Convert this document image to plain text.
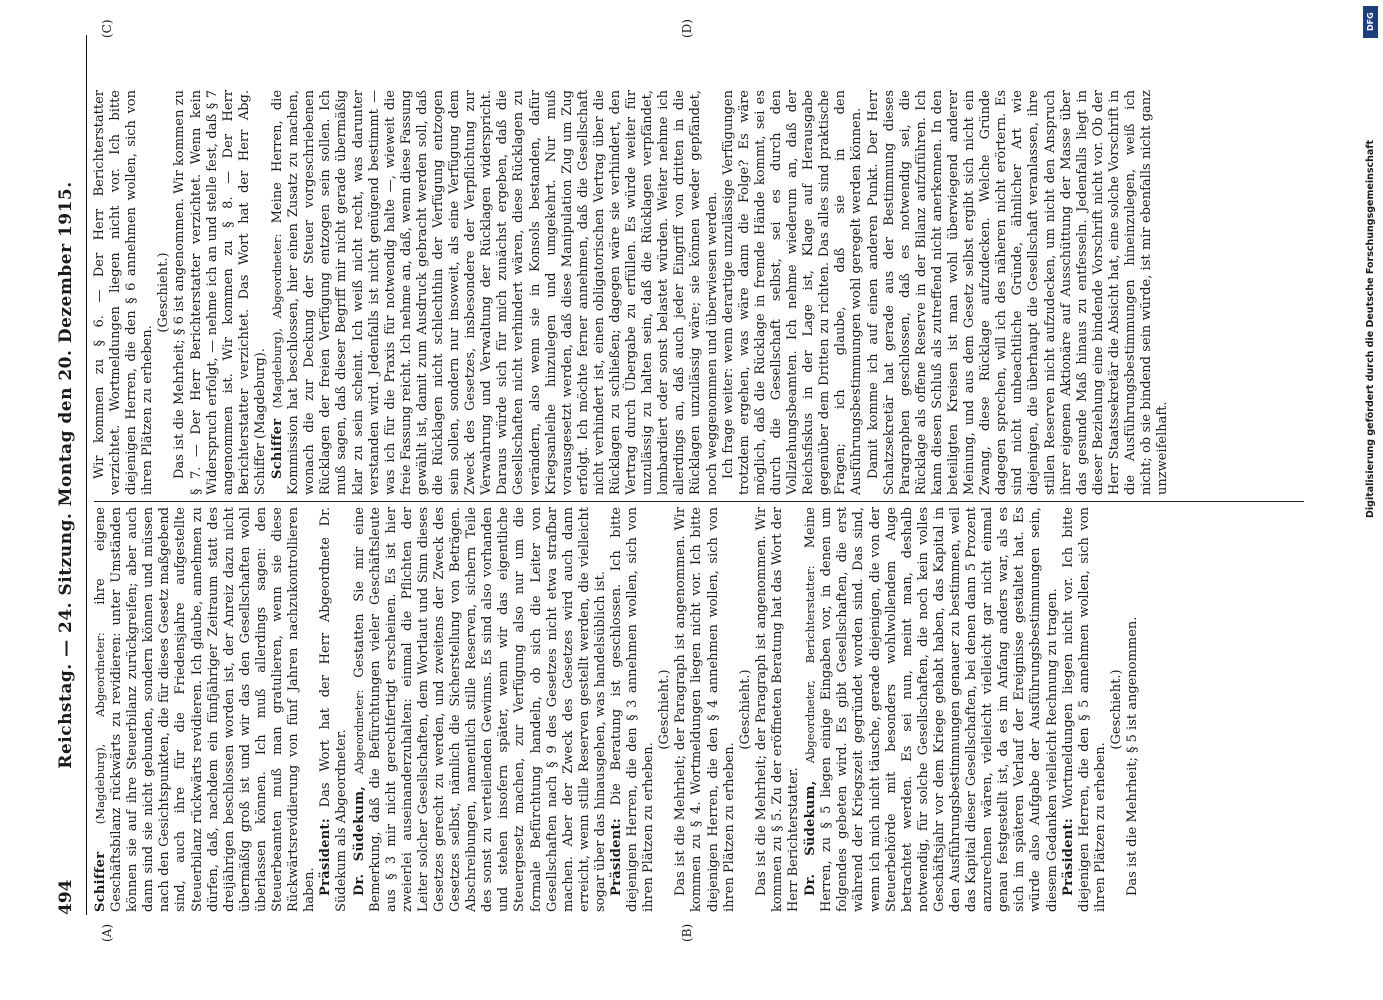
494
Reichstag. — 24. Sitzung. Montag den 20. Dezember 1915.
(A)	(B)
(C)	(D)

Schiffer (Magdeburg), Abgeordneter: ihre eigene Geschäftsbilanz rückwärts zu revidieren: unter Umständen können sie auf ihre Steuerbilanz zurückgreifen; aber auch dann sind sie nicht gebunden, sondern können und müssen nach den Gesichtspunkten, die für dieses Gesetz maßgebend sind, auch ihre für die Friedensjahre aufgestellte Steuerbilanz rückwärts revidieren. Ich glaube, annehmen zu dürfen, daß, nachdem ein fünfjähriger Zeitraum statt des dreijährigen beschlossen worden ist, der Anreiz dazu nicht übermäßig groß ist und wir das den Gesellschaften wohl überlassen können. Ich muß allerdings sagen: den Steuerbeamten muß man gratulieren, wenn sie diese Rückwärtsrevidierung von fünf Jahren nachzukontrollieren haben. Präsident: Das Wort hat der Herr Abgeordnete Dr. Südekum als Abgeordneter. Dr. Südekum, Abgeordneter: Gestatten Sie mir eine Bemerkung, daß die Befürchtungen vieler Geschäftsleute aus § 3 mir nicht gerechtfertigt erscheinen. Es ist hier zweierlei auseinanderzuhalten: einmal die Pflichten der Leiter solcher Gesellschaften, dem Wortlaut und Sinn dieses Gesetzes gerecht zu werden, und zweitens der Zweck des Gesetzes selbst, nämlich die Sicherstellung von Beträgen. Abschreibungen, namentlich stille Reserven, sichern Teile des sonst zu verteilenden Gewinns. Es sind also vorhanden und stehen insofern später, wenn wir das eigentliche Steuergesetz machen, zur Verfügung also nur um die formale Befürchtung handeln, ob sich die Leiter von Gesellschaften nach § 9 des Gesetzes nicht etwa strafbar machen. Aber der Zweck des Gesetzes wird auch dann erreicht, wenn stille Reserven gestellt werden, die vielleicht sogar über das hinausgehen, was handelsüblich ist. Präsident: Die Beratung ist geschlossen. Ich bitte diejenigen Herren, die den § 3 annehmen wollen, sich von ihren Plätzen zu erheben.

(Geschieht.) Das ist die Mehrheit; der Paragraph ist angenommen. Wir kommen zu § 4. Wortmeldungen liegen nicht vor. Ich bitte diejenigen Herren, die den § 4 annehmen wollen, sich von ihren Plätzen zu erheben.

(Geschieht.) Das ist die Mehrheit; der Paragraph ist angenommen. Wir kommen zu § 5. Zu der eröffneten Beratung hat das Wort der Herr Berichterstatter. Dr. Südekum, Abgeordneter, Berichterstatter: Meine Herren, zu § 5 liegen einige Eingaben vor, in denen um folgendes gebeten wird. Es gibt Gesellschaften, die erst während der Kriegszeit gegründet worden sind. Das sind, wenn ich mich nicht täusche, gerade diejenigen, die von der Steuerbehörde mit besonders wohlwollendem Auge betrachtet werden. Es sei nun, meint man, deshalb notwendig, für solche Gesellschaften, die noch kein volles Geschäftsjahr vor dem Kriege gehabt haben, das Kapital in den Ausführungsbestimmungen genauer zu bestimmen, weil das Kapital dieser Gesellschaften, bei denen dann 5 Prozent anzurechnen wären, vielleicht vielleicht gar nicht einmal genau festgestellt ist, da es im Anfang anders war, als es sich im späteren Verlauf der Ereignisse gestaltet hat. Es würde also Aufgabe der Ausführungsbestimmungen sein, diesem Gedanken vielleicht Rechnung zu tragen. Präsident: Wortmeldungen liegen nicht vor. Ich bitte diejenigen Herren, die den § 5 annehmen wollen, sich von ihren Plätzen zu erheben.

(Geschieht.) Das ist die Mehrheit; § 5 ist angenommen.

Wir kommen zu § 6. — Der Herr Berichterstatter verzichtet. Wortmeldungen liegen nicht vor. Ich bitte diejenigen Herren, die den § 6 annehmen wollen, sich von ihren Plätzen zu erheben.

(Geschieht.) Das ist die Mehrheit; § 6 ist angenommen. Wir kommen zu § 7. — Der Herr Berichterstatter verzichtet. Wenn kein Widerspruch erfolgt, — nehme ich an und stelle fest, daß § 7 angenommen ist. Wir kommen zu § 8. — Der Herr Berichterstatter verzichtet. Das Wort hat der Herr Abg. Schiffer (Magdeburg). Schiffer (Magdeburg), Abgeordneter: Meine Herren, die Kommission hat beschlossen, hier einen Zusatz zu machen, wonach die zur Deckung der Steuer vorgeschriebenen Rücklagen der freien Verfügung entzogen sein sollen. Ich muß sagen, daß dieser Begriff mir nicht gerade übermäßig klar zu sein scheint. Ich weiß nicht recht, was darunter verstanden wird. Jedenfalls ist nicht genügend bestimmt — was ich für die Praxis für notwendig halte —, wieweit die freie Fassung reicht. Ich nehme an, daß, wenn diese Fassung gewählt ist, damit zum Ausdruck gebracht werden soll, daß die Rücklagen nicht schlechthin der Verfügung entzogen sein sollen, sondern nur insoweit, als eine Verfügung dem Zweck des Gesetzes, insbesondere der Verpflichtung zur Verwahrung und Verwaltung der Rücklagen widerspricht. Daraus würde sich für mich zunächst ergeben, daß die Gesellschaften nicht verhindert wären, diese Rücklagen zu verändern, also wenn sie in Konsols bestanden, dafür Kriegsanleihe hinzulegen und umgekehrt. Nur muß vorausgesetzt werden, daß diese Manipulation Zug um Zug erfolgt. Ich möchte ferner annehmen, daß die Gesellschaft nicht verhindert ist, einen obligatorischen Vertrag über die Rücklagen zu schließen; dagegen wäre sie verhindert, den Vertrag durch Übergabe zu erfüllen. Es würde weiter für unzulässig zu halten sein, daß die Rücklagen verpfändet, lombardiert oder sonst belastet würden. Weiter nehme ich allerdings an, daß auch jeder Eingriff von dritten in die Rücklagen unzulässig wäre; sie können weder gepfändet, noch weggenommen und überwiesen werden. Ich frage weiter: wenn derartige unzulässige Verfügungen trotzdem ergehen, was wäre dann die Folge? Es wäre möglich, daß die Rücklage in fremde Hände kommt, sei es durch die Gesellschaft selbst, sei es durch den Vollziehungsbeamten. Ich nehme wiederum an, daß der Reichsfiskus in der Lage ist, Klage auf Herausgabe gegenüber dem Dritten zu richten. Das alles sind praktische Fragen; ich glaube, daß sie in den Ausführungsbestimmungen wohl geregelt werden können. Damit komme ich auf einen anderen Punkt. Der Herr Schatzsekretär hat gerade aus der Bestimmung dieses Paragraphen geschlossen, daß es notwendig sei, die Rücklage als offene Reserve in der Bilanz aufzuführen. Ich kann diesen Schluß als zutreffend nicht anerkennen. In den beteiligten Kreisen ist man wohl überwiegend anderer Meinung, und aus dem Gesetz selbst ergibt sich nicht ein Zwang, diese Rücklage aufzudecken. Welche Gründe dagegen sprechen, will ich des näheren nicht erörtern. Es sind nicht unbeachtliche Gründe, ähnlicher Art wie diejenigen, die überhaupt die Gesellschaft veranlassen, ihre stillen Reserven nicht aufzudecken, um nicht den Anspruch ihrer eigenen Aktionäre auf Ausschüttung der Masse über das gesunde Maß hinaus zu entfesseln. Jedenfalls liegt in dieser Beziehung eine bindende Vorschrift nicht vor. Ob der Herr Staatssekretär die Absicht hat, eine solche Vorschrift in die Ausführungsbestimmungen hineinzulegen, weiß ich nicht; ob sie bindend sein würde, ist mir ebenfalls nicht ganz unzweifelhaft.

DFG
Digitalisierung gefördert durch die Deutsche Forschungsgemeinschaft
